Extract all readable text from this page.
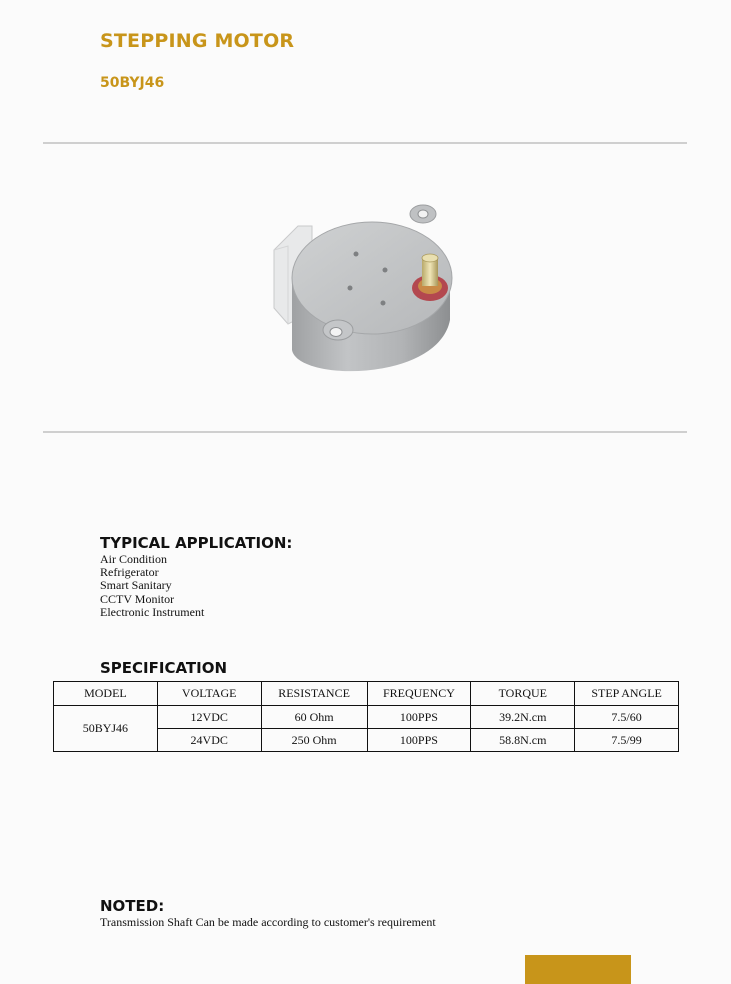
STEPPING MOTOR
50BYJ46
TYPICAL APPLICATION:
Air Condition
Refrigerator
Smart Sanitary
CCTV Monitor
Electronic Instrument
SPECIFICATION
MODEL	VOLTAGE	RESISTANCE	FREQUENCY	TORQUE	STEP ANGLE
50BYJ46	12VDC	60 Ohm	100PPS	39.2N.cm	7.5/60
	24VDC	250 Ohm	100PPS	58.8N.cm	7.5/99
NOTED:
Transmission Shaft Can be made according to customer's requirement
